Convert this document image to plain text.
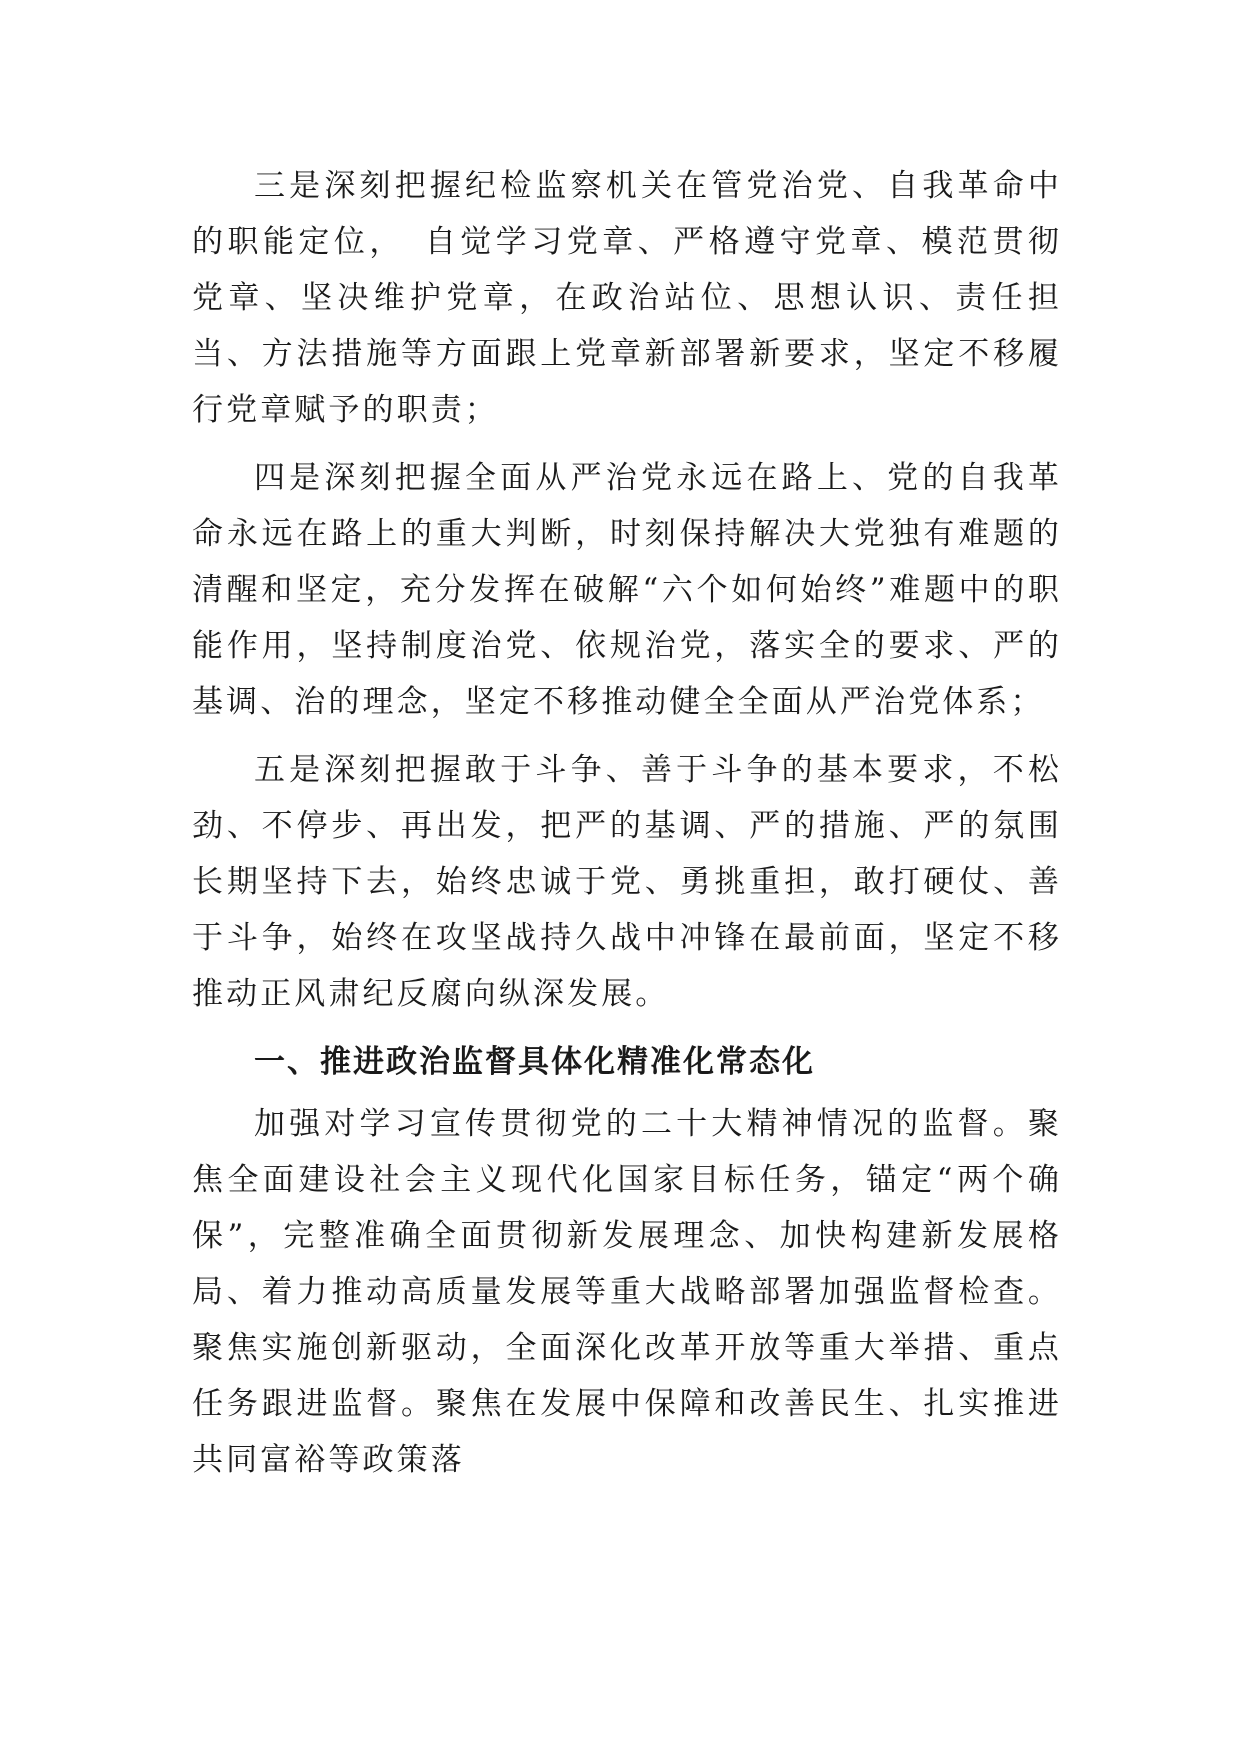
三是深刻把握纪检监察机关在管党治党、自我革命中的职能定位，　自觉学习党章、严格遵守党章、模范贯彻党章、坚决维护党章，在政治站位、思想认识、责任担当、方法措施等方面跟上党章新部署新要求，坚定不移履行党章赋予的职责；

四是深刻把握全面从严治党永远在路上、党的自我革命永远在路上的重大判断，时刻保持解决大党独有难题的清醒和坚定，充分发挥在破解“六个如何始终”难题中的职能作用，坚持制度治党、依规治党，落实全的要求、严的基调、治的理念，坚定不移推动健全全面从严治党体系；

五是深刻把握敢于斗争、善于斗争的基本要求，不松劲、不停步、再出发，把严的基调、严的措施、严的氛围长期坚持下去，始终忠诚于党、勇挑重担，敢打硬仗、善于斗争，始终在攻坚战持久战中冲锋在最前面，坚定不移推动正风肃纪反腐向纵深发展。

一、推进政治监督具体化精准化常态化

加强对学习宣传贯彻党的二十大精神情况的监督。聚焦全面建设社会主义现代化国家目标任务，锚定“两个确保”，完整准确全面贯彻新发展理念、加快构建新发展格局、着力推动高质量发展等重大战略部署加强监督检查。聚焦实施创新驱动，全面深化改革开放等重大举措、重点任务跟进监督。聚焦在发展中保障和改善民生、扎实推进共同富裕等政策落
